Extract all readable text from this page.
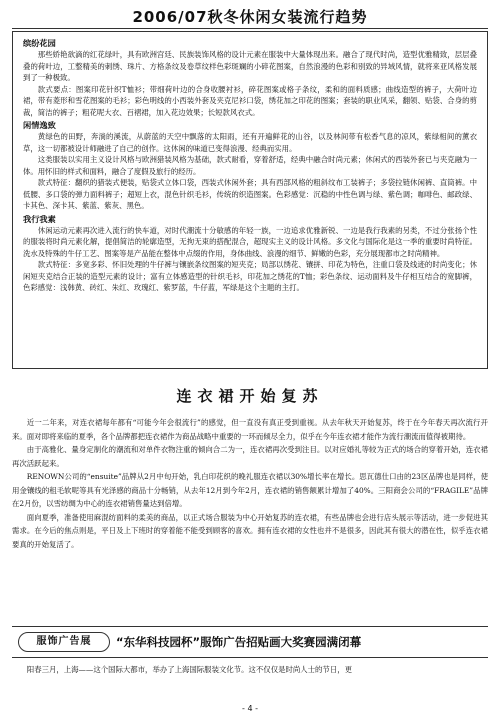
2006/07秋冬休闲女装流行趋势
缤纷花园

那些娇艳欲滴的红花绿叶，具有欧洲宫廷、民族装饰风格的设计元素在服装中大量体现出来。融合了现代时尚，造型优雅精致，层层叠叠的荷叶边，工整精美的刺绣、珠片、方格条纹及卷草纹样色彩斑斓的小碎花图案，自然浪漫的色彩和别致的异域风情，就将来亚风格发展到了一种极致。

款式要点：图案印花针织T恤衫；带细荷叶边的合身收腰衬衫，碎花图案或格子条纹，柔和的面料质感；曲线造型的裤子，大荷叶边裙，带有菱形和雪花图案的毛衫；彩色明线的小西装外套及夹克尼衫口袋，绣花加之印花的图案；套装的职业风采，翻领、贴袋、合身的剪裁，简洁的裤子；粗花呢大衣、百褶裙，加入花边效果；长短款风衣式。

闲情逸致

黄绿色的田野，奔淌的溪流，从蔚蓝的天空中飘落的太阳雨，还有开遍鲜花的山谷，以及林间带有松香气息的凉风，紫绿相间的薰衣草，这一切都被设计师融进了自己的创作。这休闲的味道已变得浪漫、经典而实用。

这类服装以实用主义设计风格与欧洲猎装风格为基础，款式耐看，穿着舒适，经典中融合时尚元素；休闲式的西装外套已与夹克融为一体。用怀旧的样式和面料，融合了度假及旅行的经历。

款式特征：翻织的猎装式便装，贴袋式立体口袋，西装式休闲外套；具有西部风格的粗斜纹布工装裤子；多袋拉链休闲裤、直筒裤。中低腰、多口袋的弹力面料裤子；超短上衣，混色针织毛衫，传统的织造图案。色彩感觉：沉稳的中性色调与绿、紫色调；咖啡色、邮政绿、卡其色、深卡其、紫蓝、紫灰、黑色。

我行我素

休闲运动元素再次进入流行的快车道，对时代潮流十分敏感的年轻一族，一边追求优雅新锐、一边是我行我素的另类，不过分张扬个性的服装将时尚元素化解，提倡简洁的轮廓造型，无拘无束的搭配混合，超现实主义的设计风格。多文化与国际化是这一季的重要时尚特征。洗水及特殊的牛仔工艺、图案等是产品能在整体中点缀的作用，身体曲线、浪漫的细节、鲜嫩的色彩，充分展现都市之时尚精神。

款式特征：多宽多彩、怀旧处理的牛仔裤与镶嵌条纹图案的短夹克；局部以绣花、镶拼、印花为特色，注重口袋及线迹的时尚变化；休闲短夹克结合正装的造型元素的设计；富有立体感造型的针织毛衫，印花加之绣花的T恤；彩色条纹、运动面料及牛仔相互结合的宽脚裤，色彩感觉：浅韩黄、砖红、朱红、玫瑰红、紫罗蓝，牛仔蓝，军绿是这个主题的主打。

连衣裙开始复苏

近一二年来，对连衣裙每年都有“可能今年会很流行”的感觉，但一直没有真正受到重视。从去年秋天开始复苏，终于在今年春天再次流行开来。面对即将来临的夏季，各个品牌都把连衣裙作为商品战略中重要的一环而倾尽全力，似乎在今年连衣裙才能作为流行潮流而值得被期待。

由于高雅化、量身定制化的潮流和对单件衣物注重的倾向合二为一，连衣裙再次受到注目。以对应婚礼等较为正式的场合的穿着开始，连衣裙再次活跃起来。

RENOWN公司的“ensuite”品牌从2月中旬开始，乳白印花织的晚礼服连衣裙以30%增长率在增长。思瓦德仕口由的23区品牌也是同样，使用金镶线的租毛软呢等具有光泽感的商品十分畅销，从去年12月到今年2月，连衣裙的销售额累计增加了40%。三阳商会公司的“FRAGILE”品牌在2月份，以雪纺绸为中心的连衣裙销售量达到倍增。

面向夏季，准备使用麻混纺面料的柔美的商品，以正式场合服装为中心开始复苏的连衣裙，有些品牌也会进行店头展示等活动，进一步促进其需求。在今后的焦点则是，平日及上下班时的穿着能不能受到顾客的喜欢。拥有连衣裙的女性也并不是很多，因此其有很大的潜在性，似乎连衣裙要真的开始复活了。

服饰广告展	“东华科技园杯”服饰广告招贴画大奖赛园满闭幕

阳春三月，上海——这个国际大都市，举办了上海国际服装文化节。这不仅仅是时尚人士的节日，更

- 4 -
